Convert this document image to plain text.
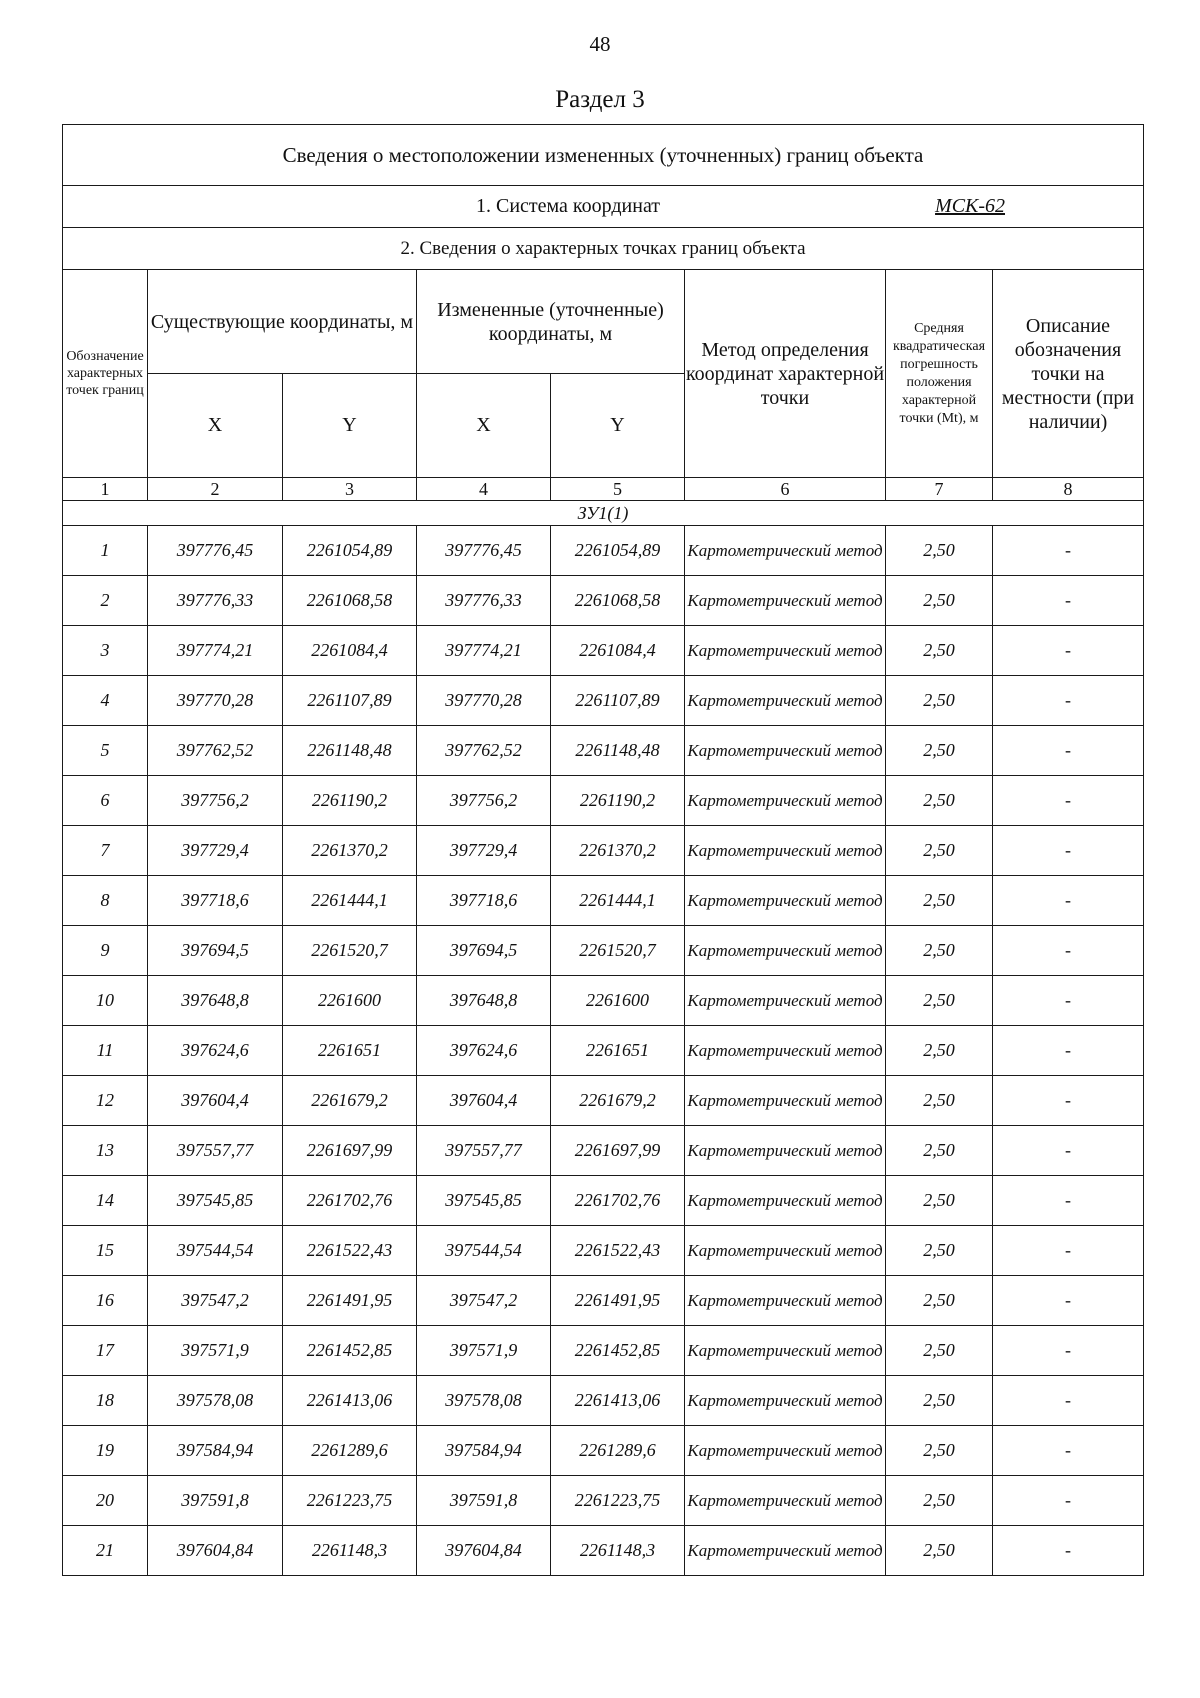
48
Раздел 3
Сведения о местоположении измененных (уточненных) границ объекта							
1. Система координат МСК-62							
2. Сведения о характерных точках границ объекта							
Обозначение характерных точек границ	Существующие координаты, м		Измененные (уточненные) координаты, м		Метод определения координат характерной точки	Средняя квадратическая погрешность положения характерной точки (Mt), м	Описание обозначения точки на местности (при наличии)
	X	Y	X	Y			
1	2	3	4	5	6	7	8
ЗУ1(1)							
1	397776,45	2261054,89	397776,45	2261054,89	Картометрический метод	2,50	-
2	397776,33	2261068,58	397776,33	2261068,58	Картометрический метод	2,50	-
3	397774,21	2261084,4	397774,21	2261084,4	Картометрический метод	2,50	-
4	397770,28	2261107,89	397770,28	2261107,89	Картометрический метод	2,50	-
5	397762,52	2261148,48	397762,52	2261148,48	Картометрический метод	2,50	-
6	397756,2	2261190,2	397756,2	2261190,2	Картометрический метод	2,50	-
7	397729,4	2261370,2	397729,4	2261370,2	Картометрический метод	2,50	-
8	397718,6	2261444,1	397718,6	2261444,1	Картометрический метод	2,50	-
9	397694,5	2261520,7	397694,5	2261520,7	Картометрический метод	2,50	-
10	397648,8	2261600	397648,8	2261600	Картометрический метод	2,50	-
11	397624,6	2261651	397624,6	2261651	Картометрический метод	2,50	-
12	397604,4	2261679,2	397604,4	2261679,2	Картометрический метод	2,50	-
13	397557,77	2261697,99	397557,77	2261697,99	Картометрический метод	2,50	-
14	397545,85	2261702,76	397545,85	2261702,76	Картометрический метод	2,50	-
15	397544,54	2261522,43	397544,54	2261522,43	Картометрический метод	2,50	-
16	397547,2	2261491,95	397547,2	2261491,95	Картометрический метод	2,50	-
17	397571,9	2261452,85	397571,9	2261452,85	Картометрический метод	2,50	-
18	397578,08	2261413,06	397578,08	2261413,06	Картометрический метод	2,50	-
19	397584,94	2261289,6	397584,94	2261289,6	Картометрический метод	2,50	-
20	397591,8	2261223,75	397591,8	2261223,75	Картометрический метод	2,50	-
21	397604,84	2261148,3	397604,84	2261148,3	Картометрический метод	2,50	-
